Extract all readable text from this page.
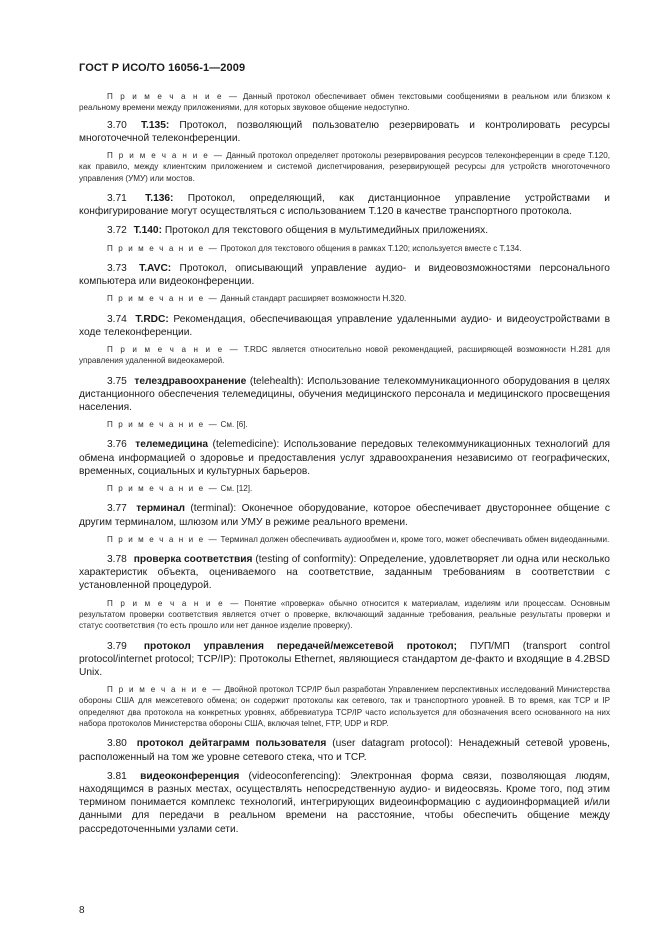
ГОСТ Р ИСО/ТО 16056-1—2009

П р и м е ч а н и е — Данный протокол обеспечивает обмен текстовыми сообщениями в реальном или близком к реальному времени между приложениями, для которых звуковое общение недоступно.

3.70 T.135: Протокол, позволяющий пользователю резервировать и контролировать ресурсы многоточечной телеконференции.

П р и м е ч а н и е — Данный протокол определяет протоколы резервирования ресурсов телеконференции в среде T.120, как правило, между клиентским приложением и системой диспетчирования, резервирующей ресурсы для устройств многоточечного управления (УМУ) или мостов.

3.71 T.136: Протокол, определяющий, как дистанционное управление устройствами и конфигурирование могут осуществляться с использованием T.120 в качестве транспортного протокола.

3.72 T.140: Протокол для текстового общения в мультимедийных приложениях.

П р и м е ч а н и е — Протокол для текстового общения в рамках T.120; используется вместе с T.134.

3.73 T.AVC: Протокол, описывающий управление аудио- и видеовозможностями персонального компьютера или видеоконференции.

П р и м е ч а н и е — Данный стандарт расширяет возможности H.320.

3.74 T.RDC: Рекомендация, обеспечивающая управление удаленными аудио- и видеоустройствами в ходе телеконференции.

П р и м е ч а н и е — T.RDC является относительно новой рекомендацией, расширяющей возможности H.281 для управления удаленной видеокамерой.

3.75 телездравоохранение (telehealth): Использование телекоммуникационного оборудования в целях дистанционного обеспечения телемедицины, обучения медицинского персонала и медицинского просвещения населения.

П р и м е ч а н и е — См. [6].

3.76 телемедицина (telemedicine): Использование передовых телекоммуникационных технологий для обмена информацией о здоровье и предоставления услуг здравоохранения независимо от географических, временных, социальных и культурных барьеров.

П р и м е ч а н и е — См. [12].

3.77 терминал (terminal): Оконечное оборудование, которое обеспечивает двустороннее общение с другим терминалом, шлюзом или УМУ в режиме реального времени.

П р и м е ч а н и е — Терминал должен обеспечивать аудиообмен и, кроме того, может обеспечивать обмен видеоданными.

3.78 проверка соответствия (testing of conformity): Определение, удовлетворяет ли одна или несколько характеристик объекта, оцениваемого на соответствие, заданным требованиям в соответствии с установленной процедурой.

П р и м е ч а н и е — Понятие «проверка» обычно относится к материалам, изделиям или процессам. Основным результатом проверки соответствия является отчет о проверке, включающий заданные требования, реальные результаты проверки и статус соответствия (то есть прошло или нет данное изделие проверку).

3.79 протокол управления передачей/межсетевой протокол; ПУП/МП (transport control protocol/internet protocol; TCP/IP): Протоколы Ethernet, являющиеся стандартом де-факто и входящие в 4.2BSD Unix.

П р и м е ч а н и е — Двойной протокол TCP/IP был разработан Управлением перспективных исследований Министерства обороны США для межсетевого обмена; он содержит протоколы как сетевого, так и транспортного уровней. В то время, как TCP и IP определяют два протокола на конкретных уровнях, аббревиатура TCP/IP часто используется для обозначения всего основанного на них набора протоколов Министерства обороны США, включая telnet, FTP, UDP и RDP.

3.80 протокол дейтаграмм пользователя (user datagram protocol): Ненадежный сетевой уровень, расположенный на том же уровне сетевого стека, что и TCP.

3.81 видеоконференция (videoconferencing): Электронная форма связи, позволяющая людям, находящимся в разных местах, осуществлять непосредственную аудио- и видеосвязь. Кроме того, под этим термином понимается комплекс технологий, интегрирующих видеоинформацию с аудиоинформацией и/или данными для передачи в реальном времени на расстояние, чтобы обеспечить общение между рассредоточенными узлами сети.

8
